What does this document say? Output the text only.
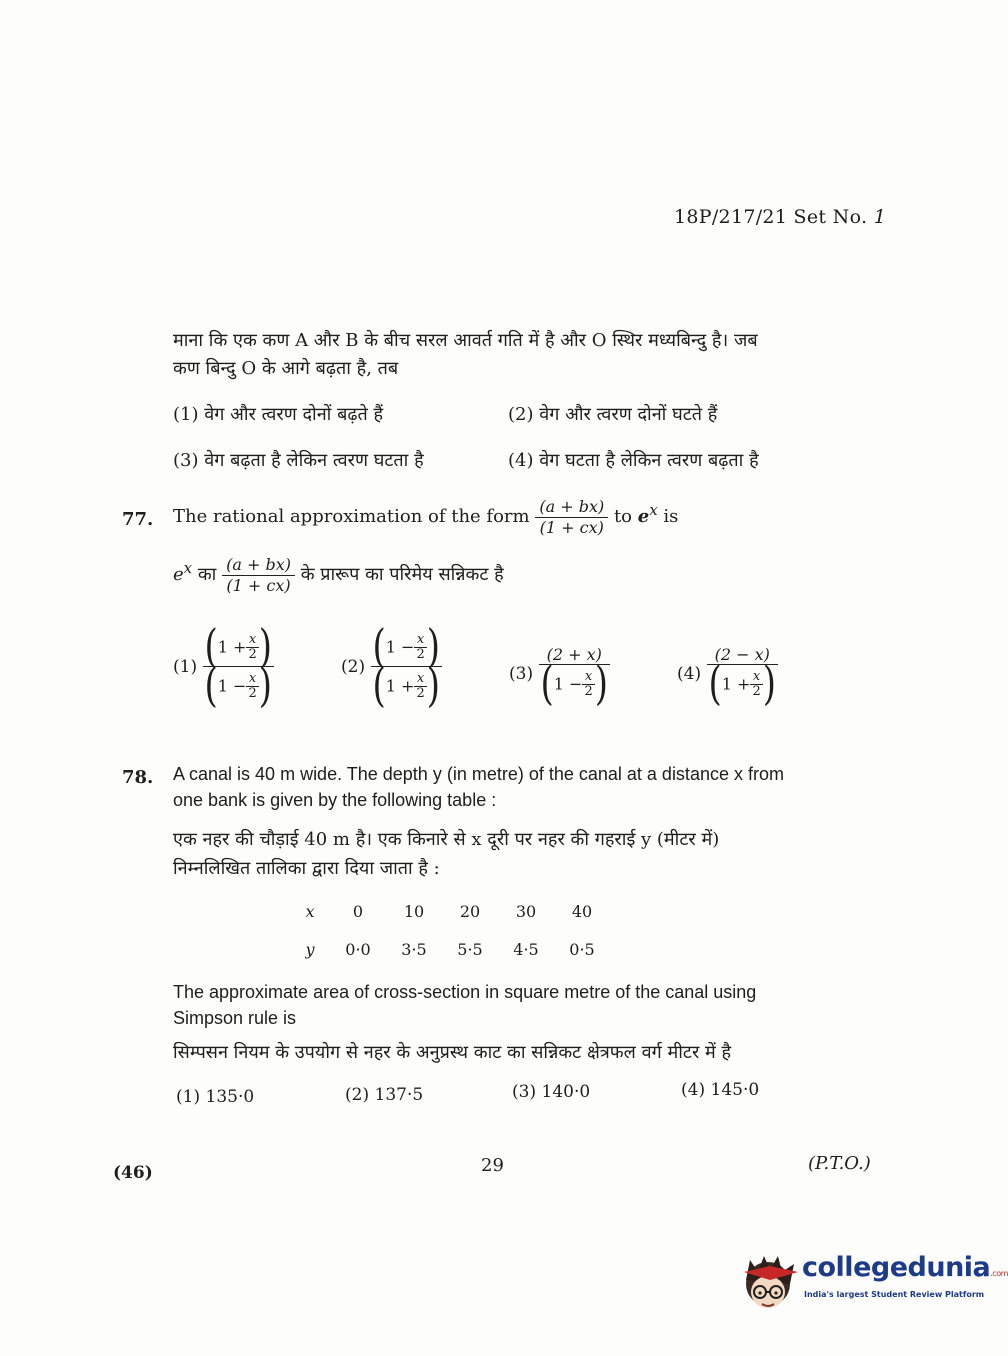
18P/217/21 Set No. 1
माना कि एक कण A और B के बीच सरल आवर्त गति में है और O स्थिर मध्यबिन्दु है। जब
कण बिन्दु O के आगे बढ़ता है, तब
(1) वेग और त्वरण दोनों बढ़ते हैं	(2) वेग और त्वरण दोनों घटते हैं
(3) वेग बढ़ता है लेकिन त्वरण घटता है	(4) वेग घटता है लेकिन त्वरण बढ़ता है
77. The rational approximation of the form $\frac{(a + bx)}{(1 + cx)}$ to $e^x$ is
$e^x$ का $\frac{(a + bx)}{(1 + cx)}$ के प्रारूप का परिमेय सन्निकट है
$(1) \frac{(1 + \frac{x}{2} )}{(1 - \frac{x}{2} )}$	$(2) \frac{(1 - \frac{x}{2} )}{(1 + \frac{x}{2} )}$	$(3) \frac{(2 + x)}{(1 - \frac{x}{2} )}$	$(4) \frac{(2 - x)}{(1 + \frac{x}{2} )}$
78. A canal is 40 m wide. The depth y (in metre) of the canal at a distance x from
one bank is given by the following table :
एक नहर की चौड़ाई 40 m है। एक किनारे से x दूरी पर नहर की गहराई y (मीटर में)
निम्नलिखित तालिका द्वारा दिया जाता है :
x	0	10	20	30	40
y	0·0	3·5	5·5	4·5	0·5
The approximate area of cross-section in square metre of the canal using
Simpson rule is
सिम्पसन नियम के उपयोग से नहर के अनुप्रस्थ काट का सन्निकट क्षेत्रफल वर्ग मीटर में है
(1) 135·0	(2) 137·5	(3) 140·0	(4) 145·0
(46)	29	(P.T.O.)
collegedunia.com
India's largest Student Review Platform
